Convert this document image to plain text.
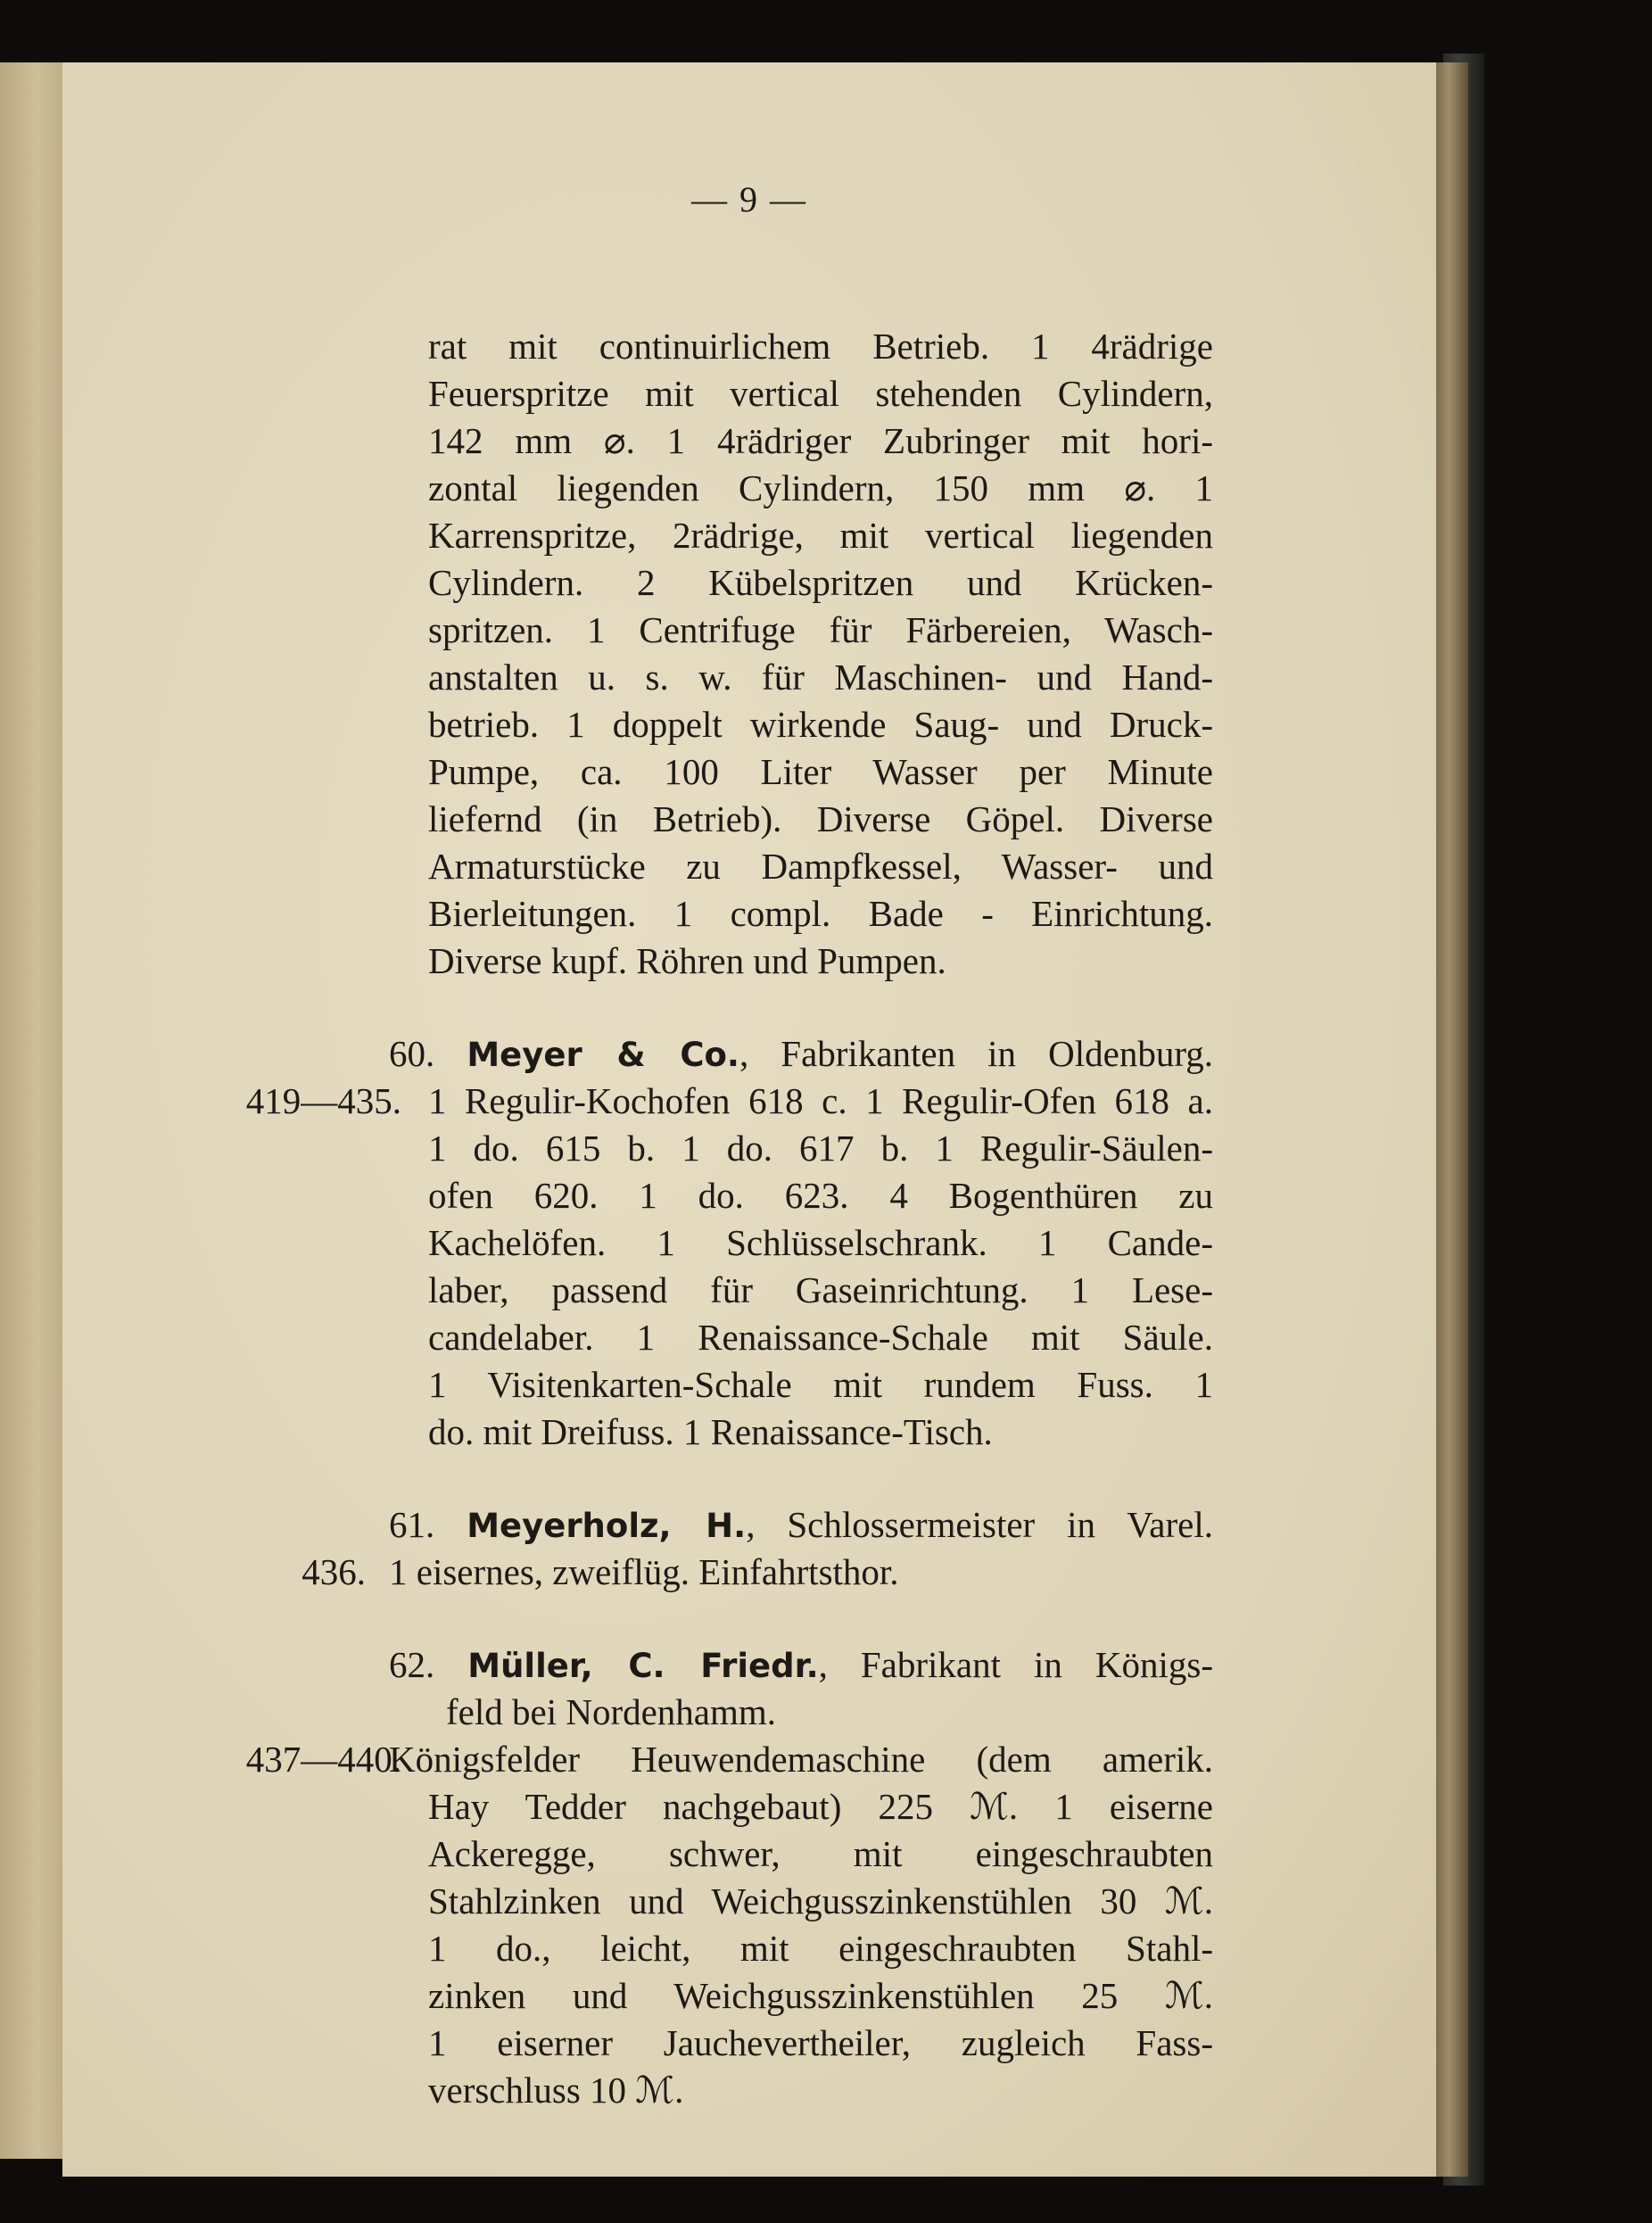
— 9 —
rat mit continuirlichem Betrieb. 1 4rädrige
Feuerspritze mit vertical stehenden Cylindern,
142 mm ⌀. 1 4rädriger Zubringer mit hori-
zontal liegenden Cylindern, 150 mm ⌀. 1
Karrenspritze, 2rädrige, mit vertical liegenden
Cylindern. 2 Kübelspritzen und Krücken-
spritzen. 1 Centrifuge für Färbereien, Wasch-
anstalten u. s. w. für Maschinen- und Hand-
betrieb. 1 doppelt wirkende Saug- und Druck-
Pumpe, ca. 100 Liter Wasser per Minute
liefernd (in Betrieb). Diverse Göpel. Diverse
Armaturstücke zu Dampfkessel, Wasser- und
Bierleitungen. 1 compl. Bade - Einrichtung.
Diverse kupf. Röhren und Pumpen.
60. Meyer & Co., Fabrikanten in Oldenburg.
419—435. 1 Regulir-Kochofen 618 c. 1 Regulir-Ofen 618 a.
1 do. 615 b. 1 do. 617 b. 1 Regulir-Säulen-
ofen 620. 1 do. 623. 4 Bogenthüren zu
Kachelöfen. 1 Schlüsselschrank. 1 Cande-
laber, passend für Gaseinrichtung. 1 Lese-
candelaber. 1 Renaissance-Schale mit Säule.
1 Visitenkarten-Schale mit rundem Fuss. 1
do. mit Dreifuss. 1 Renaissance-Tisch.
61. Meyerholz, H., Schlossermeister in Varel.
436. 1 eisernes, zweiflüg. Einfahrtsthor.
62. Müller, C. Friedr., Fabrikant in Königs-
feld bei Nordenhamm.
437—440.
Königsfelder Heuwendemaschine (dem amerik.
Hay Tedder nachgebaut) 225 ℳ. 1 eiserne
Ackeregge, schwer, mit eingeschraubten
Stahlzinken und Weichgusszinkenstühlen 30 ℳ.
1 do., leicht, mit eingeschraubten Stahl-
zinken und Weichgusszinkenstühlen 25 ℳ.
1 eiserner Jauchevertheiler, zugleich Fass-
verschluss 10 ℳ.
